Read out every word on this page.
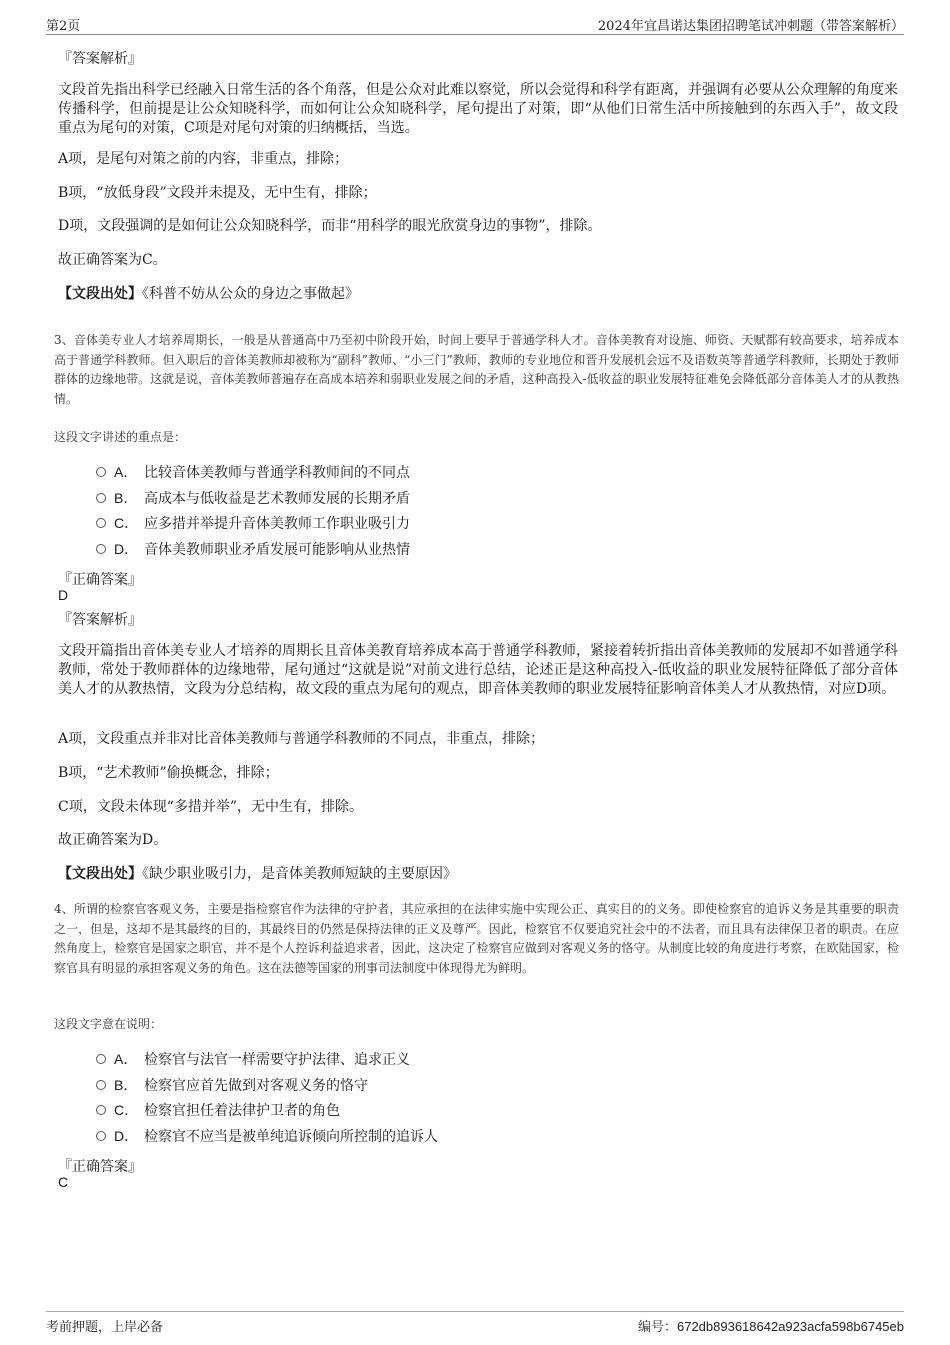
第2页	2024年宜昌诺达集团招聘笔试冲刺题（带答案解析）
『答案解析』
文段首先指出科学已经融入日常生活的各个角落，但是公众对此难以察觉，所以会觉得和科学有距离，并强调有必要从公众理解的角度来传播科学，但前提是让公众知晓科学，而如何让公众知晓科学，尾句提出了对策，即“从他们日常生活中所接触到的东西入手”，故文段重点为尾句的对策，C项是对尾句对策的归纳概括，当选。
A项，是尾句对策之前的内容，非重点，排除；
B项，“放低身段”文段并未提及，无中生有，排除；
D项，文段强调的是如何让公众知晓科学，而非“用科学的眼光欣赏身边的事物”，排除。
故正确答案为C。
【文段出处】《科普不妨从公众的身边之事做起》
3、音体美专业人才培养周期长，一般是从普通高中乃至初中阶段开始，时间上要早于普通学科人才。音体美教育对设施、师资、天赋都有较高要求，培养成本高于普通学科教师。但入职后的音体美教师却被称为“副科”教师、“小三门”教师，教师的专业地位和晋升发展机会远不及语数英等普通学科教师，长期处于教师群体的边缘地带。这就是说，音体美教师普遍存在高成本培养和弱职业发展之间的矛盾，这种高投入-低收益的职业发展特征难免会降低部分音体美人才的从教热情。
这段文字讲述的重点是：
A． 比较音体美教师与普通学科教师间的不同点
B． 高成本与低收益是艺术教师发展的长期矛盾
C． 应多措并举提升音体美教师工作职业吸引力
D． 音体美教师职业矛盾发展可能影响从业热情
『正确答案』
D
『答案解析』
文段开篇指出音体美专业人才培养的周期长且音体美教育培养成本高于普通学科教师，紧接着转折指出音体美教师的发展却不如普通学科教师，常处于教师群体的边缘地带，尾句通过“这就是说”对前文进行总结，论述正是这种高投入-低收益的职业发展特征降低了部分音体美人才的从教热情，文段为分总结构，故文段的重点为尾句的观点，即音体美教师的职业发展特征影响音体美人才从教热情，对应D项。
A项，文段重点并非对比音体美教师与普通学科教师的不同点，非重点，排除；
B项，“艺术教师”偷换概念，排除；
C项，文段未体现“多措并举”，无中生有，排除。
故正确答案为D。
【文段出处】《缺少职业吸引力，是音体美教师短缺的主要原因》
4、所谓的检察官客观义务，主要是指检察官作为法律的守护者，其应承担的在法律实施中实现公正、真实目的的义务。即使检察官的追诉义务是其重要的职责之一，但是，这却不是其最终的目的，其最终目的仍然是保持法律的正义及尊严。因此，检察官不仅要追究社会中的不法者，而且具有法律保卫者的职责。在应然角度上，检察官是国家之职官，并不是个人控诉利益追求者，因此，这决定了检察官应做到对客观义务的恪守。从制度比较的角度进行考察，在欧陆国家，检察官具有明显的承担客观义务的角色。这在法德等国家的刑事司法制度中体现得尤为鲜明。
这段文字意在说明：
A． 检察官与法官一样需要守护法律、追求正义
B． 检察官应首先做到对客观义务的恪守
C． 检察官担任着法律护卫者的角色
D． 检察官不应当是被单纯追诉倾向所控制的追诉人
『正确答案』
C
考前押题，上岸必备	编号：672db893618642a923acfa598b6745eb
